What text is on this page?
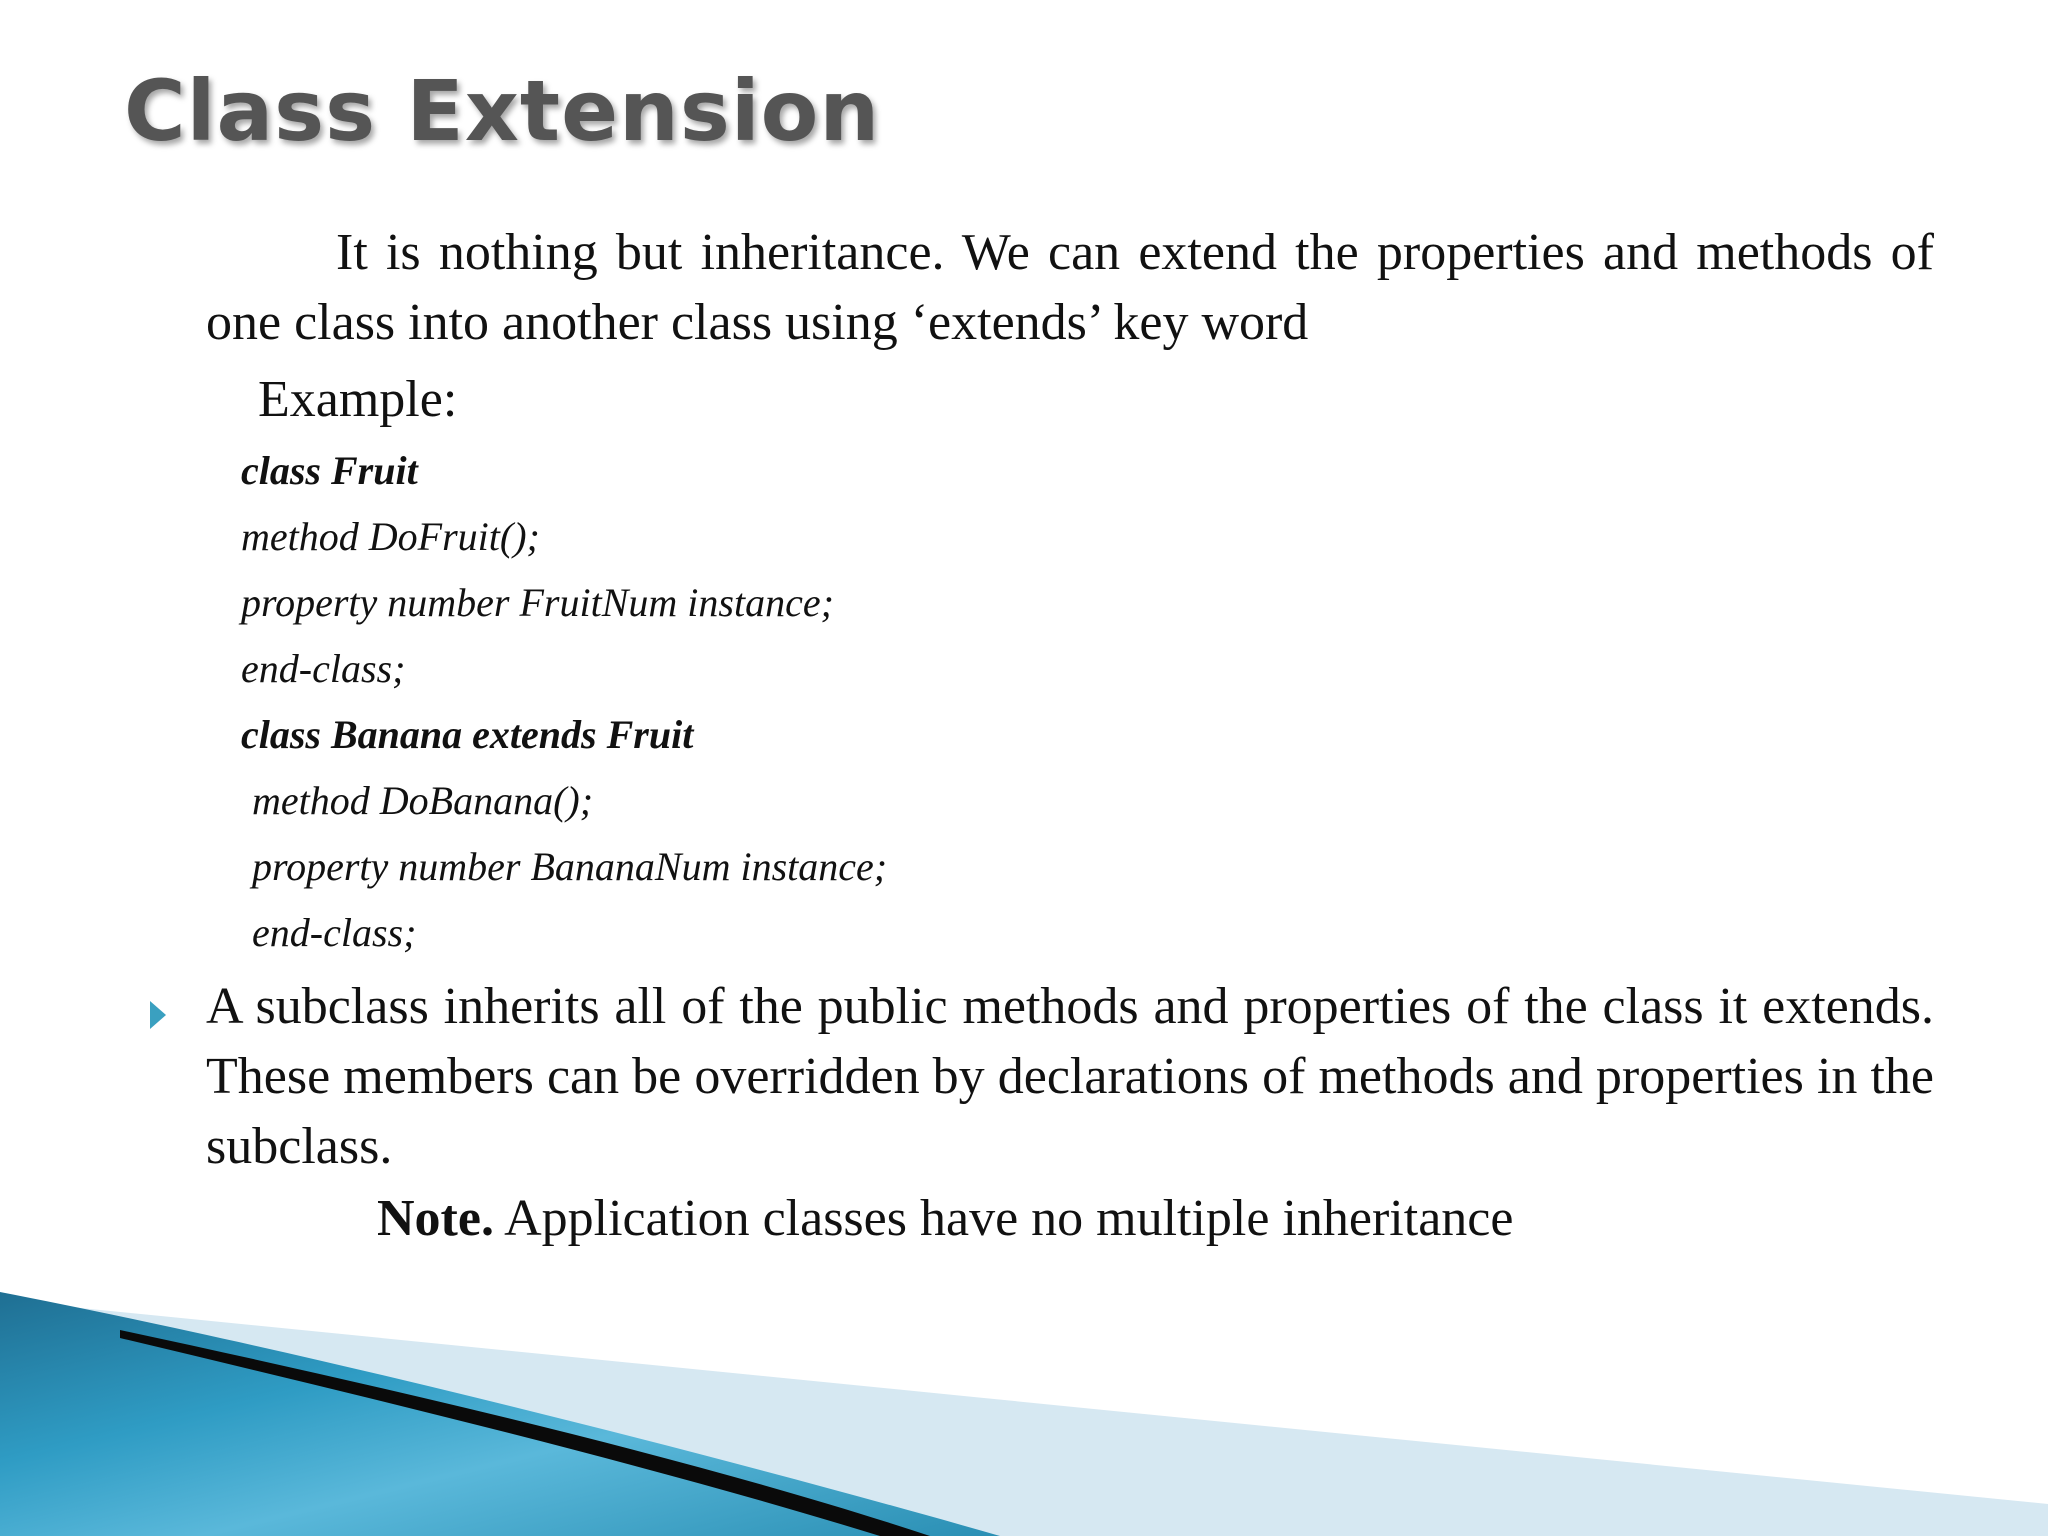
Class Extension
It is nothing but inheritance. We can extend the properties and methods of one class into another class using ‘extends’ key word
Example:
class Fruit
method DoFruit();
property number FruitNum instance;
end-class;
class Banana extends Fruit
method DoBanana();
property number BananaNum instance;
end-class;
A subclass inherits all of the public methods and properties of the class it extends. These members can be overridden by declarations of methods and properties in the subclass.
Note. Application classes have no multiple inheritance
